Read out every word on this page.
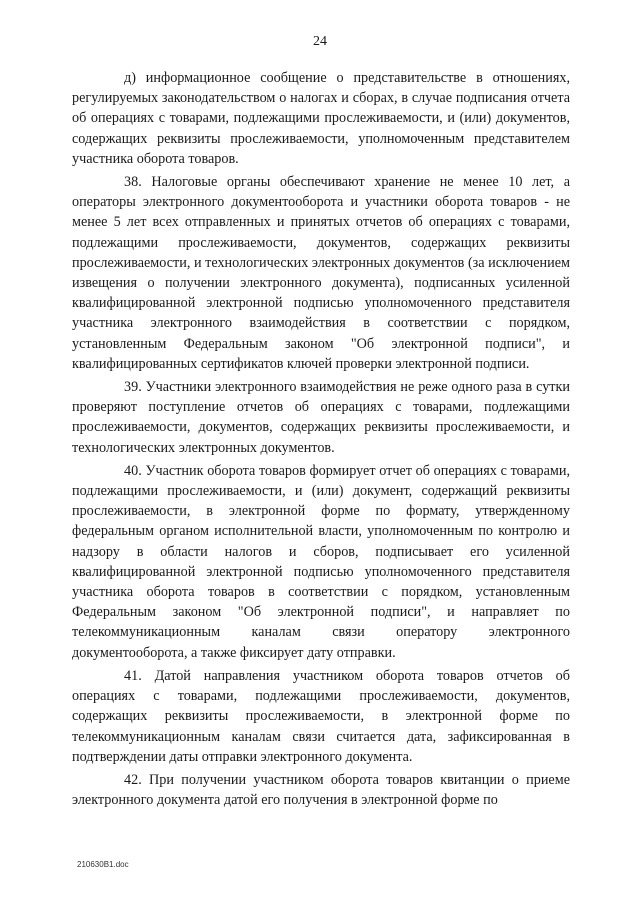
24

д) информационное сообщение о представительстве в отношениях, регулируемых законодательством о налогах и сборах, в случае подписания отчета об операциях с товарами, подлежащими прослеживаемости, и (или) документов, содержащих реквизиты прослеживаемости, уполномоченным представителем участника оборота товаров.

38. Налоговые органы обеспечивают хранение не менее 10 лет, а операторы электронного документооборота и участники оборота товаров - не менее 5 лет всех отправленных и принятых отчетов об операциях с товарами, подлежащими прослеживаемости, документов, содержащих реквизиты прослеживаемости, и технологических электронных документов (за исключением извещения о получении электронного документа), подписанных усиленной квалифицированной электронной подписью уполномоченного представителя участника электронного взаимодействия в соответствии с порядком, установленным Федеральным законом "Об электронной подписи", и квалифицированных сертификатов ключей проверки электронной подписи.

39. Участники электронного взаимодействия не реже одного раза в сутки проверяют поступление отчетов об операциях с товарами, подлежащими прослеживаемости, документов, содержащих реквизиты прослеживаемости, и технологических электронных документов.

40. Участник оборота товаров формирует отчет об операциях с товарами, подлежащими прослеживаемости, и (или) документ, содержащий реквизиты прослеживаемости, в электронной форме по формату, утвержденному федеральным органом исполнительной власти, уполномоченным по контролю и надзору в области налогов и сборов, подписывает его усиленной квалифицированной электронной подписью уполномоченного представителя участника оборота товаров в соответствии с порядком, установленным Федеральным законом "Об электронной подписи", и направляет по телекоммуникационным каналам связи оператору электронного документооборота, а также фиксирует дату отправки.

41. Датой направления участником оборота товаров отчетов об операциях с товарами, подлежащими прослеживаемости, документов, содержащих реквизиты прослеживаемости, в электронной форме по телекоммуникационным каналам связи считается дата, зафиксированная в подтверждении даты отправки электронного документа.

42. При получении участником оборота товаров квитанции о приеме электронного документа датой его получения в электронной форме по

210630В1.doc
